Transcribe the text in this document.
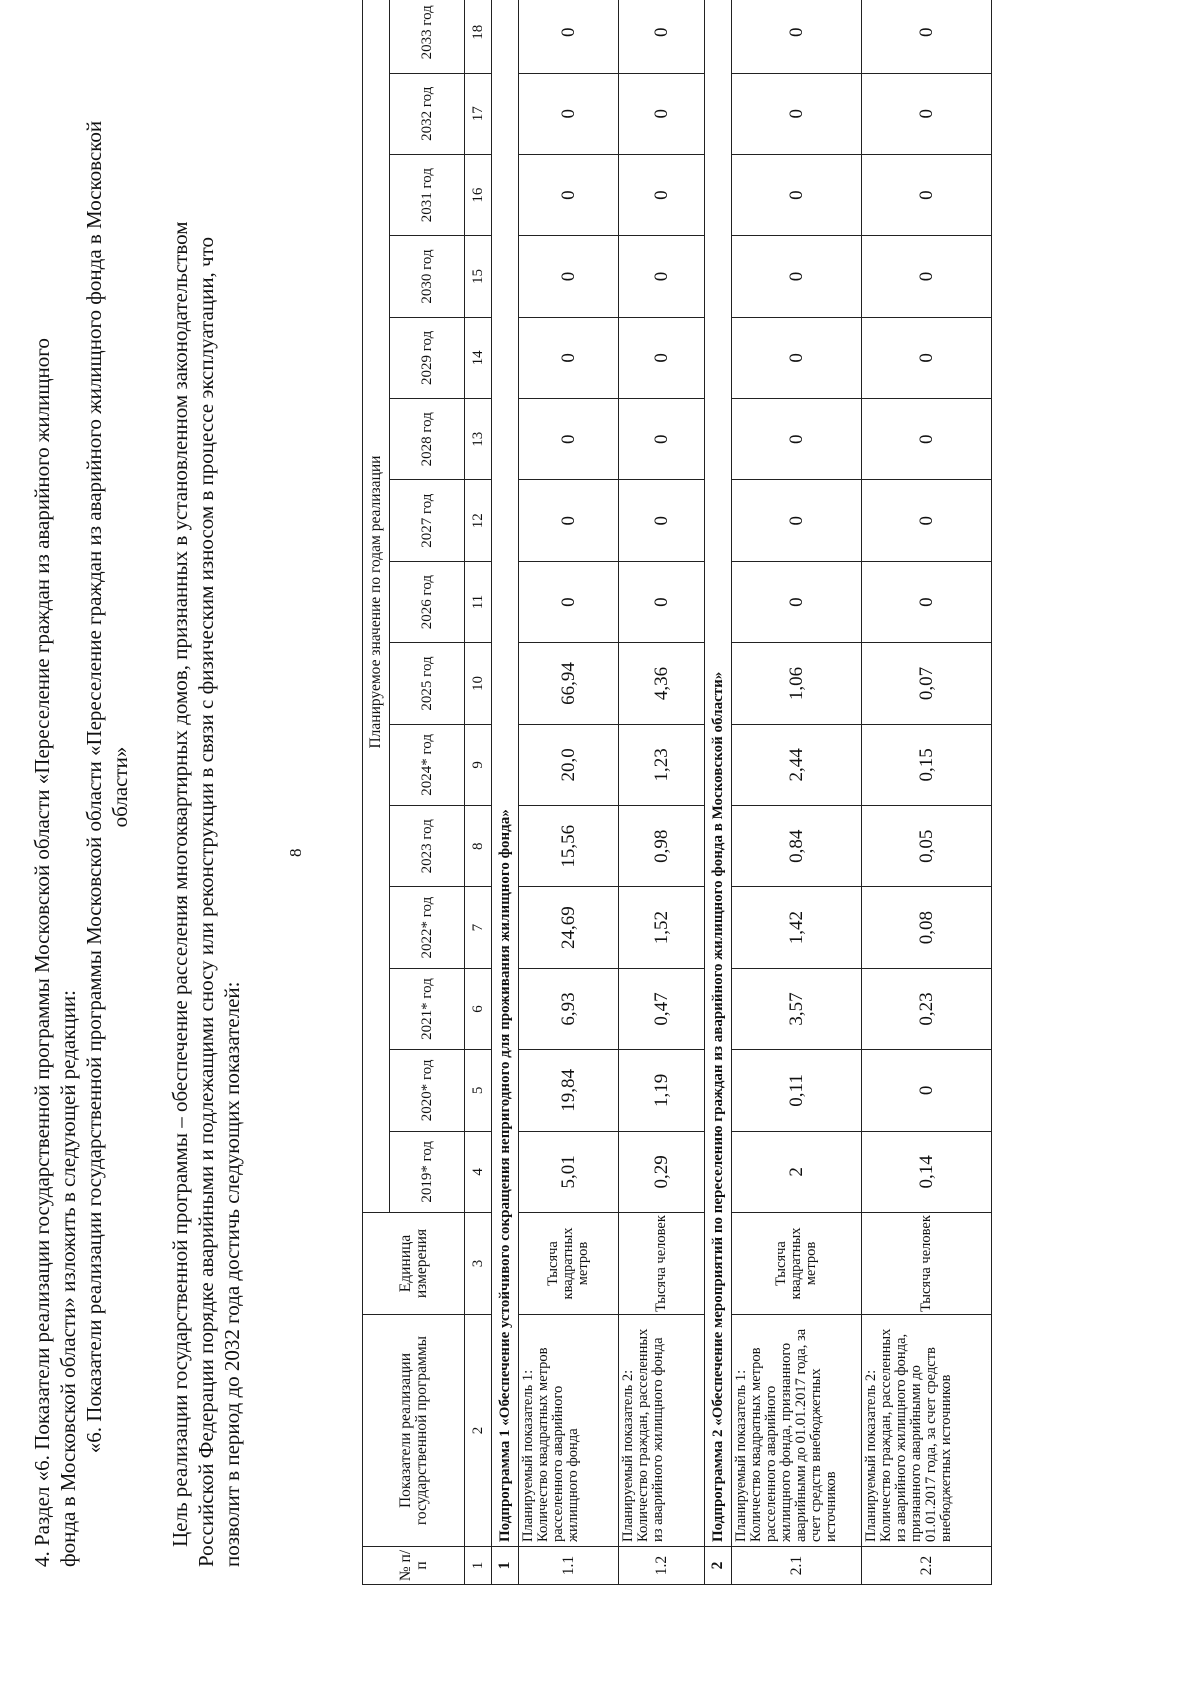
8
4. Раздел «6. Показатели реализации государственной программы Московской области «Переселение граждан из аварийного жилищного фонда в Московской области» изложить в следующей редакции: «6. Показатели реализации государственной программы Московской области «Переселение граждан из аварийного жилищного фонда в Московской области» Цель реализации государственной программы – обеспечение расселения многоквартирных домов, признанных в установленном законодательством Российской Федерации порядке аварийными и подлежащими сносу или реконструкции в связи с физическим износом в процессе эксплуатации, что позволит в период до 2032 года достичь следующих показателей:	№ п/п	Показатели реализации государственной программы	Единица измерения	Планируемое значение по годам реализации														
			2019* год	2020* год	2021* год	2022* год	2023 год	2024* год	2025 год	2026 год	2027 год	2028 год	2029 год	2030 год	2031 год	2032 год	2033 год
1	2	3	4	5	6	7	8	9	10	11	12	13	14	15	16	17	18
1	Подпрограмма 1 «Обеспечение устойчивого сокращения непригодного для проживания жилищного фонда»																
1.1	Планируемый показатель 1: Количество квадратных метров расселенного аварийного жилищного фонда	Тысяча квадратных метров	5,01	19,84	6,93	24,69	15,56	20,0	66,94	0	0	0	0	0	0	0	0
1.2	Планируемый показатель 2: Количество граждан, расселенных из аварийного жилищного фонда	Тысяча человек	0,29	1,19	0,47	1,52	0,98	1,23	4,36	0	0	0	0	0	0	0	0
2	Подпрограмма 2 «Обеспечение мероприятий по переселению граждан из аварийного жилищного фонда в Московской области»																
2.1	Планируемый показатель 1: Количество квадратных метров расселенного аварийного жилищного фонда, признанного аварийными до 01.01.2017 года, за счет средств внебюджетных источников	Тысяча квадратных метров	2	0,11	3,57	1,42	0,84	2,44	1,06	0	0	0	0	0	0	0	0
2.2	Планируемый показатель 2: Количество граждан, расселенных из аварийного жилищного фонда, признанного аварийными до 01.01.2017 года, за счет средств внебюджетных источников	Тысяча человек	0,14	0	0,23	0,08	0,05	0,15	0,07	0	0	0	0	0	0	0	0
